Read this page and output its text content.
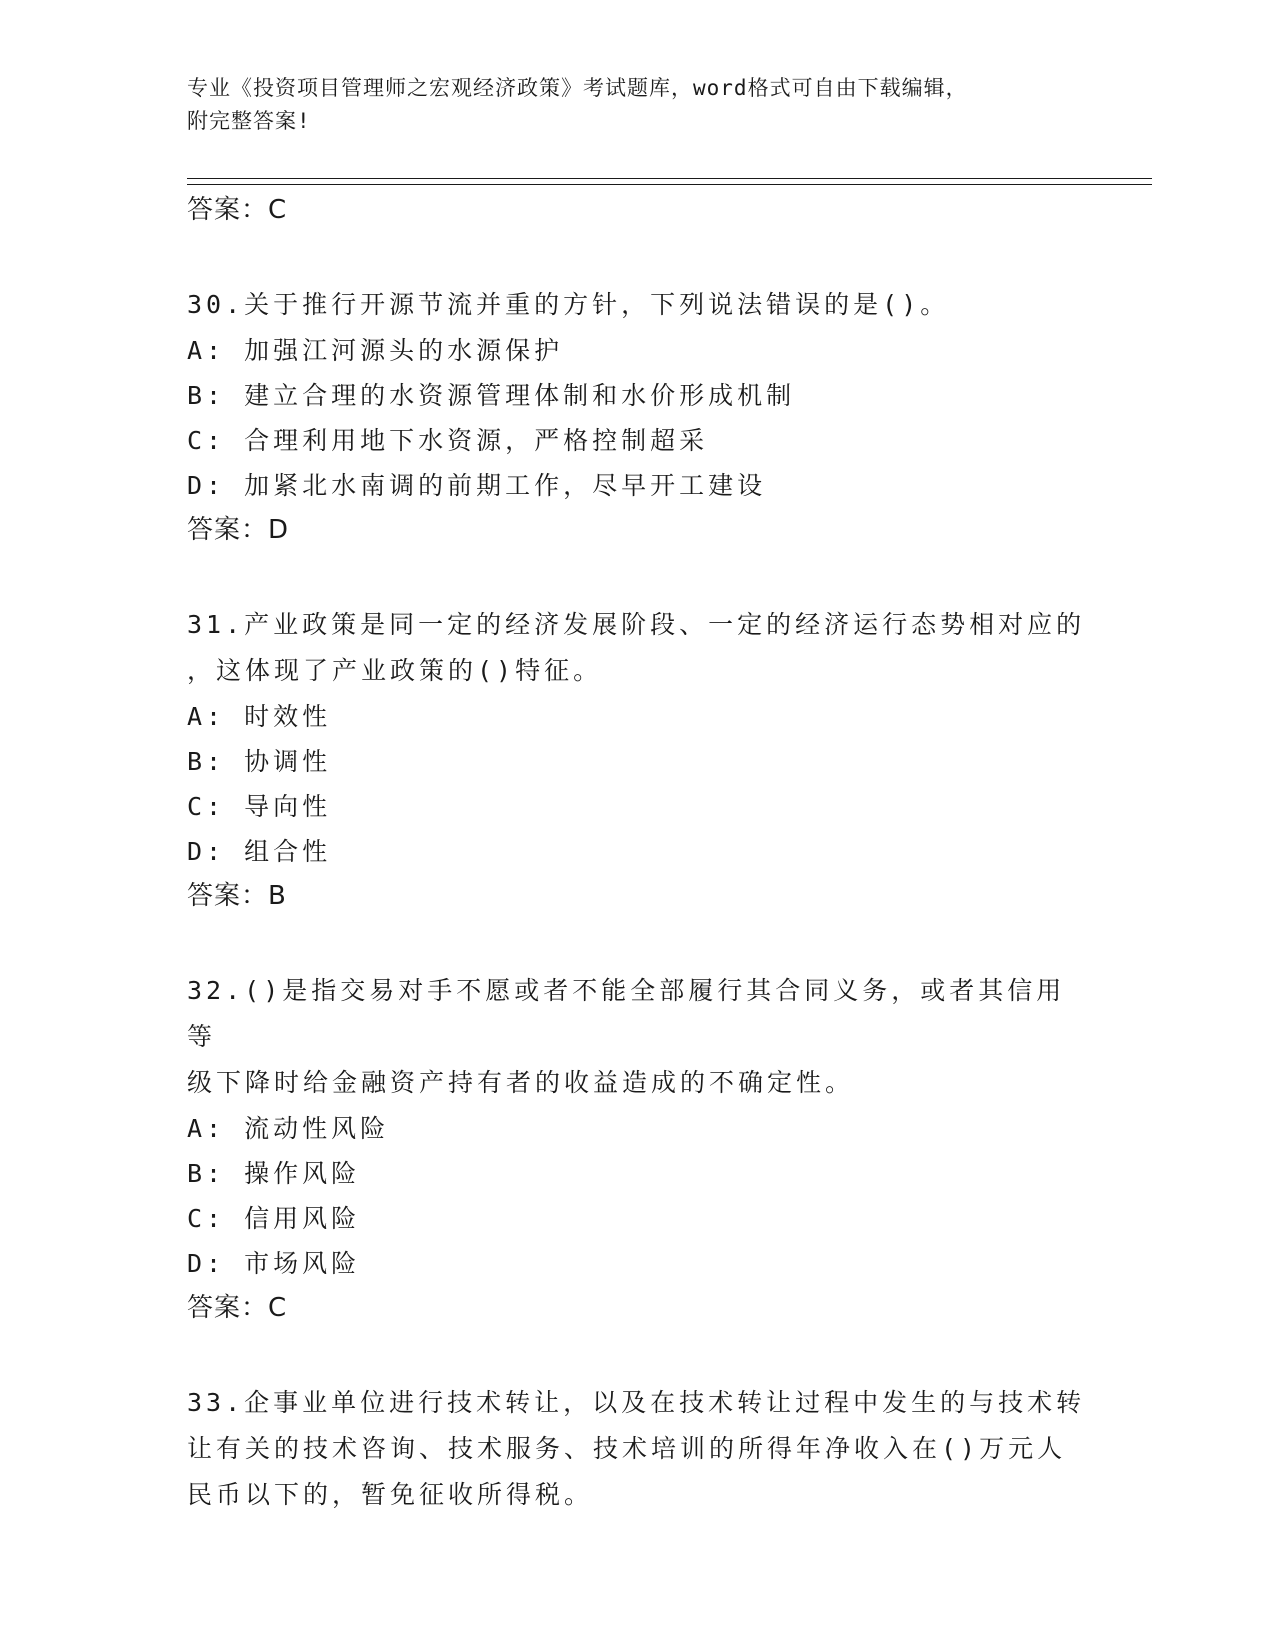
专业《投资项目管理师之宏观经济政策》考试题库，word格式可自由下载编辑，
附完整答案!
答案：C
30.关于推行开源节流并重的方针，下列说法错误的是()。
A: 加强江河源头的水源保护
B: 建立合理的水资源管理体制和水价形成机制
C: 合理利用地下水资源，严格控制超采
D: 加紧北水南调的前期工作，尽早开工建设
答案：D
31.产业政策是同一定的经济发展阶段、一定的经济运行态势相对应的
，这体现了产业政策的()特征。
A: 时效性
B: 协调性
C: 导向性
D: 组合性
答案：B
32.()是指交易对手不愿或者不能全部履行其合同义务，或者其信用等
级下降时给金融资产持有者的收益造成的不确定性。
A: 流动性风险
B: 操作风险
C: 信用风险
D: 市场风险
答案：C
33.企事业单位进行技术转让，以及在技术转让过程中发生的与技术转
让有关的技术咨询、技术服务、技术培训的所得年净收入在()万元人
民币以下的，暂免征收所得税。
